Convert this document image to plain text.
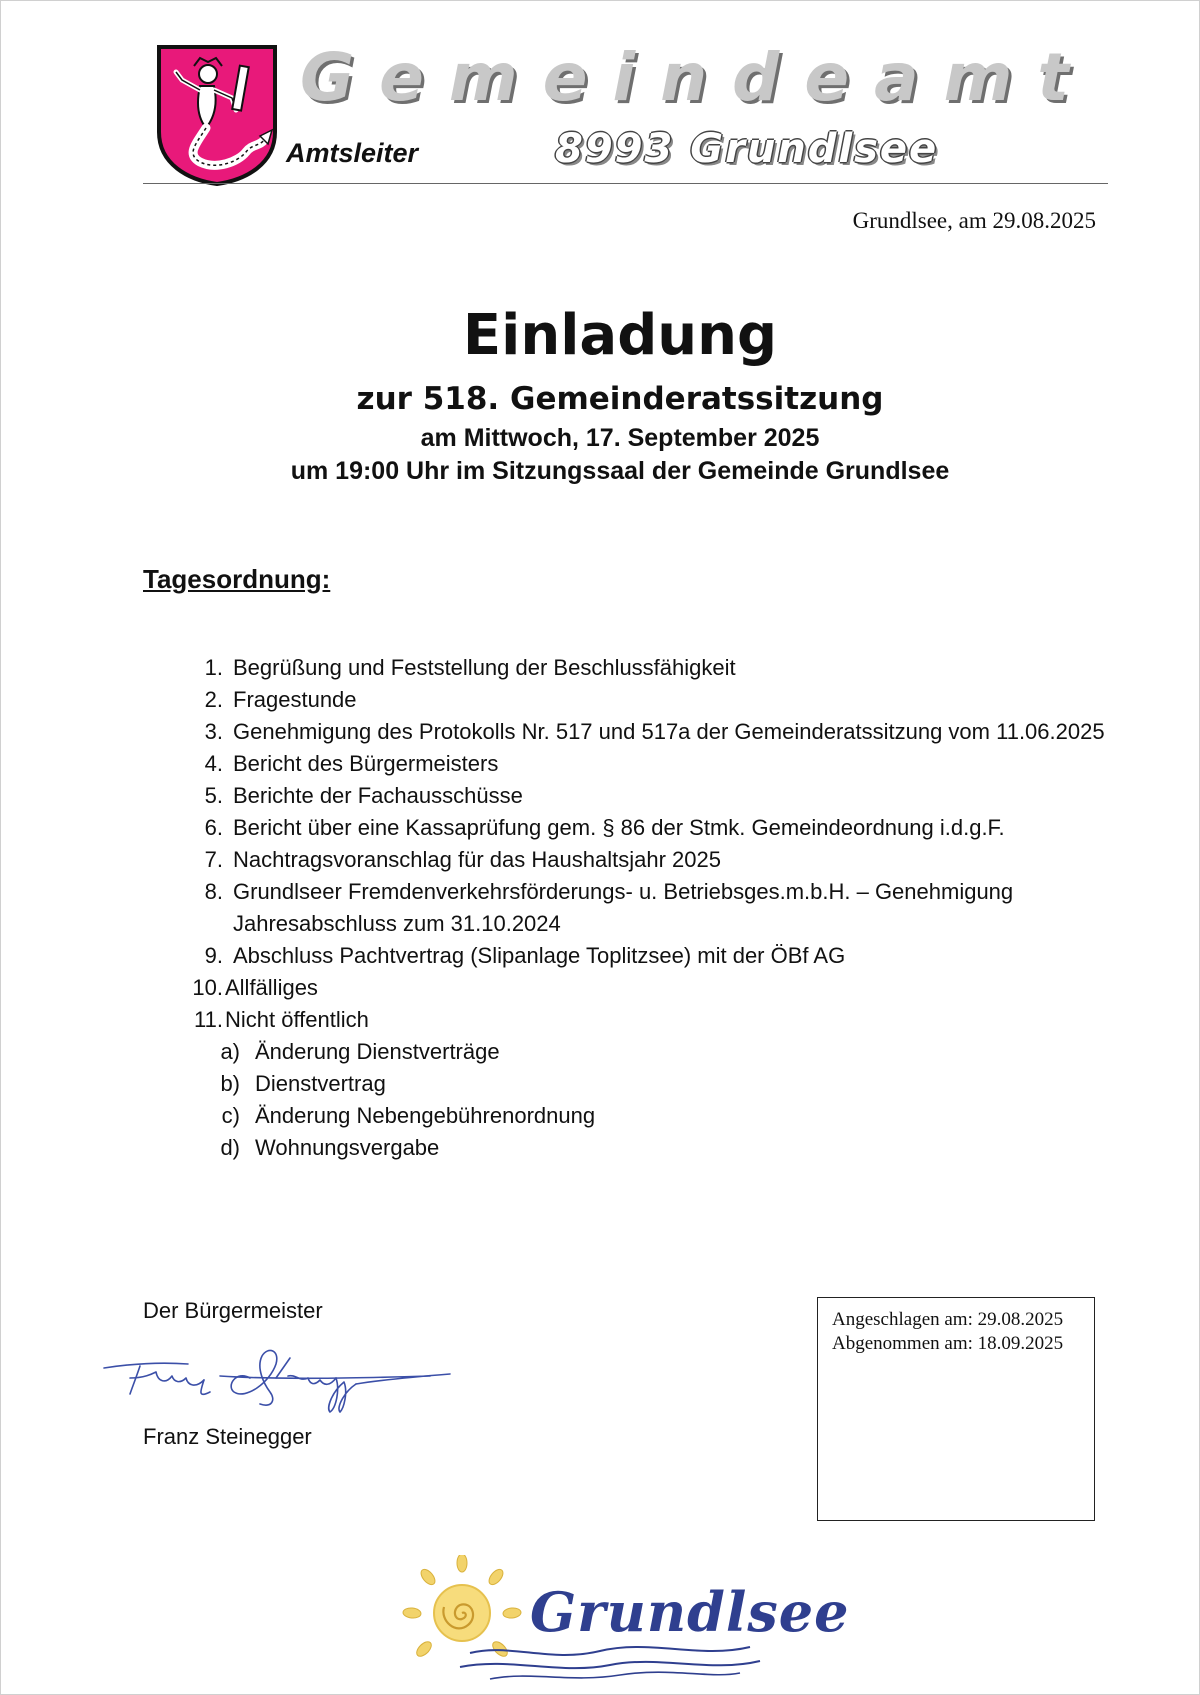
Gemeindeamt
Amtsleiter	8993 Grundlsee
Grundlsee, am 29.08.2025
Einladung
zur 518. Gemeinderatssitzung
am Mittwoch, 17. September 2025
um 19:00 Uhr im Sitzungssaal der Gemeinde Grundlsee
Tagesordnung:
1. Begrüßung und Feststellung der Beschlussfähigkeit
2. Fragestunde
3. Genehmigung des Protokolls Nr. 517 und 517a der Gemeinderatssitzung vom 11.06.2025
4. Bericht des Bürgermeisters
5. Berichte der Fachausschüsse
6. Bericht über eine Kassaprüfung gem. § 86 der Stmk. Gemeindeordnung i.d.g.F.
7. Nachtragsvoranschlag für das Haushaltsjahr 2025
8. Grundlseer Fremdenverkehrsförderungs- u. Betriebsges.m.b.H. – Genehmigung Jahresabschluss zum 31.10.2024
9. Abschluss Pachtvertrag (Slipanlage Toplitzsee) mit der ÖBf AG
10. Allfälliges
11. Nicht öffentlich
a) Änderung Dienstverträge
b) Dienstvertrag
c) Änderung Nebengebührenordnung
d) Wohnungsvergabe
Der Bürgermeister
Franz Steinegger
Angeschlagen am: 29.08.2025
Abgenommen am: 18.09.2025
Grundlsee
